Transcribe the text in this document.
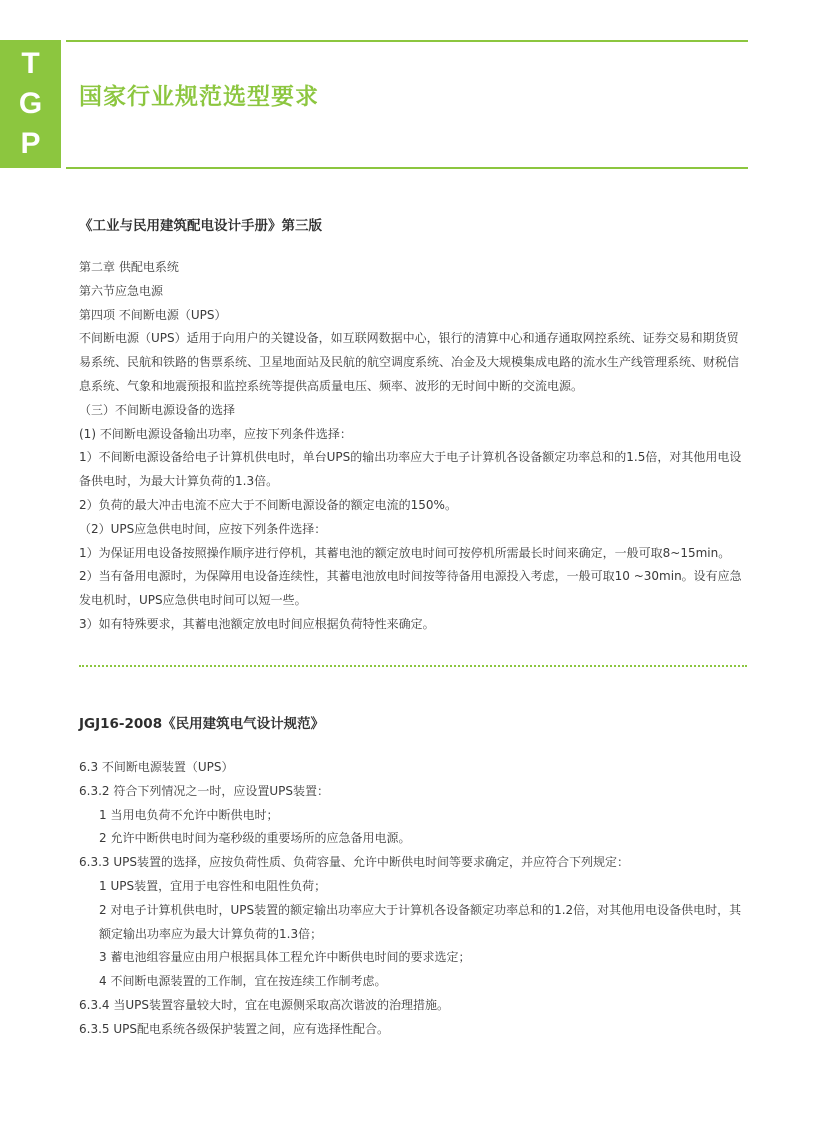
T
G
P
国家行业规范选型要求
《工业与民用建筑配电设计手册》第三版

第二章 供配电系统

第六节应急电源

第四项 不间断电源（UPS）

不间断电源（UPS）适用于向用户的关键设备，如互联网数据中心，银行的清算中心和通存通取网控系统、证券交易和期货贸易系统、民航和铁路的售票系统、卫星地面站及民航的航空调度系统、冶金及大规模集成电路的流水生产线管理系统、财税信息系统、气象和地震预报和监控系统等提供高质量电压、频率、波形的无时间中断的交流电源。

（三）不间断电源设备的选择

(1) 不间断电源设备输出功率，应按下列条件选择：

1）不间断电源设备给电子计算机供电时，单台UPS的输出功率应大于电子计算机各设备额定功率总和的1.5倍，对其他用电设备供电时，为最大计算负荷的1.3倍。

2）负荷的最大冲击电流不应大于不间断电源设备的额定电流的150%。

（2）UPS应急供电时间，应按下列条件选择：

1）为保证用电设备按照操作顺序进行停机，其蓄电池的额定放电时间可按停机所需最长时间来确定，一般可取8~15min。

2）当有备用电源时，为保障用电设备连续性，其蓄电池放电时间按等待备用电源投入考虑，一般可取10 ~30min。设有应急发电机时，UPS应急供电时间可以短一些。

3）如有特殊要求，其蓄电池额定放电时间应根据负荷特性来确定。

JGJ16-2008《民用建筑电气设计规范》

6.3 不间断电源装置（UPS）

6.3.2 符合下列情况之一时，应设置UPS装置：

1 当用电负荷不允许中断供电时；

2 允许中断供电时间为毫秒级的重要场所的应急备用电源。

6.3.3 UPS装置的选择，应按负荷性质、负荷容量、允许中断供电时间等要求确定，并应符合下列规定：

1 UPS装置，宜用于电容性和电阻性负荷；

2 对电子计算机供电时，UPS装置的额定输出功率应大于计算机各设备额定功率总和的1.2倍，对其他用电设备供电时，其额定输出功率应为最大计算负荷的1.3倍；

3 蓄电池组容量应由用户根据具体工程允许中断供电时间的要求选定；

4 不间断电源装置的工作制，宜在按连续工作制考虑。

6.3.4 当UPS装置容量较大时，宜在电源侧采取高次谐波的治理措施。

6.3.5 UPS配电系统各级保护装置之间，应有选择性配合。
